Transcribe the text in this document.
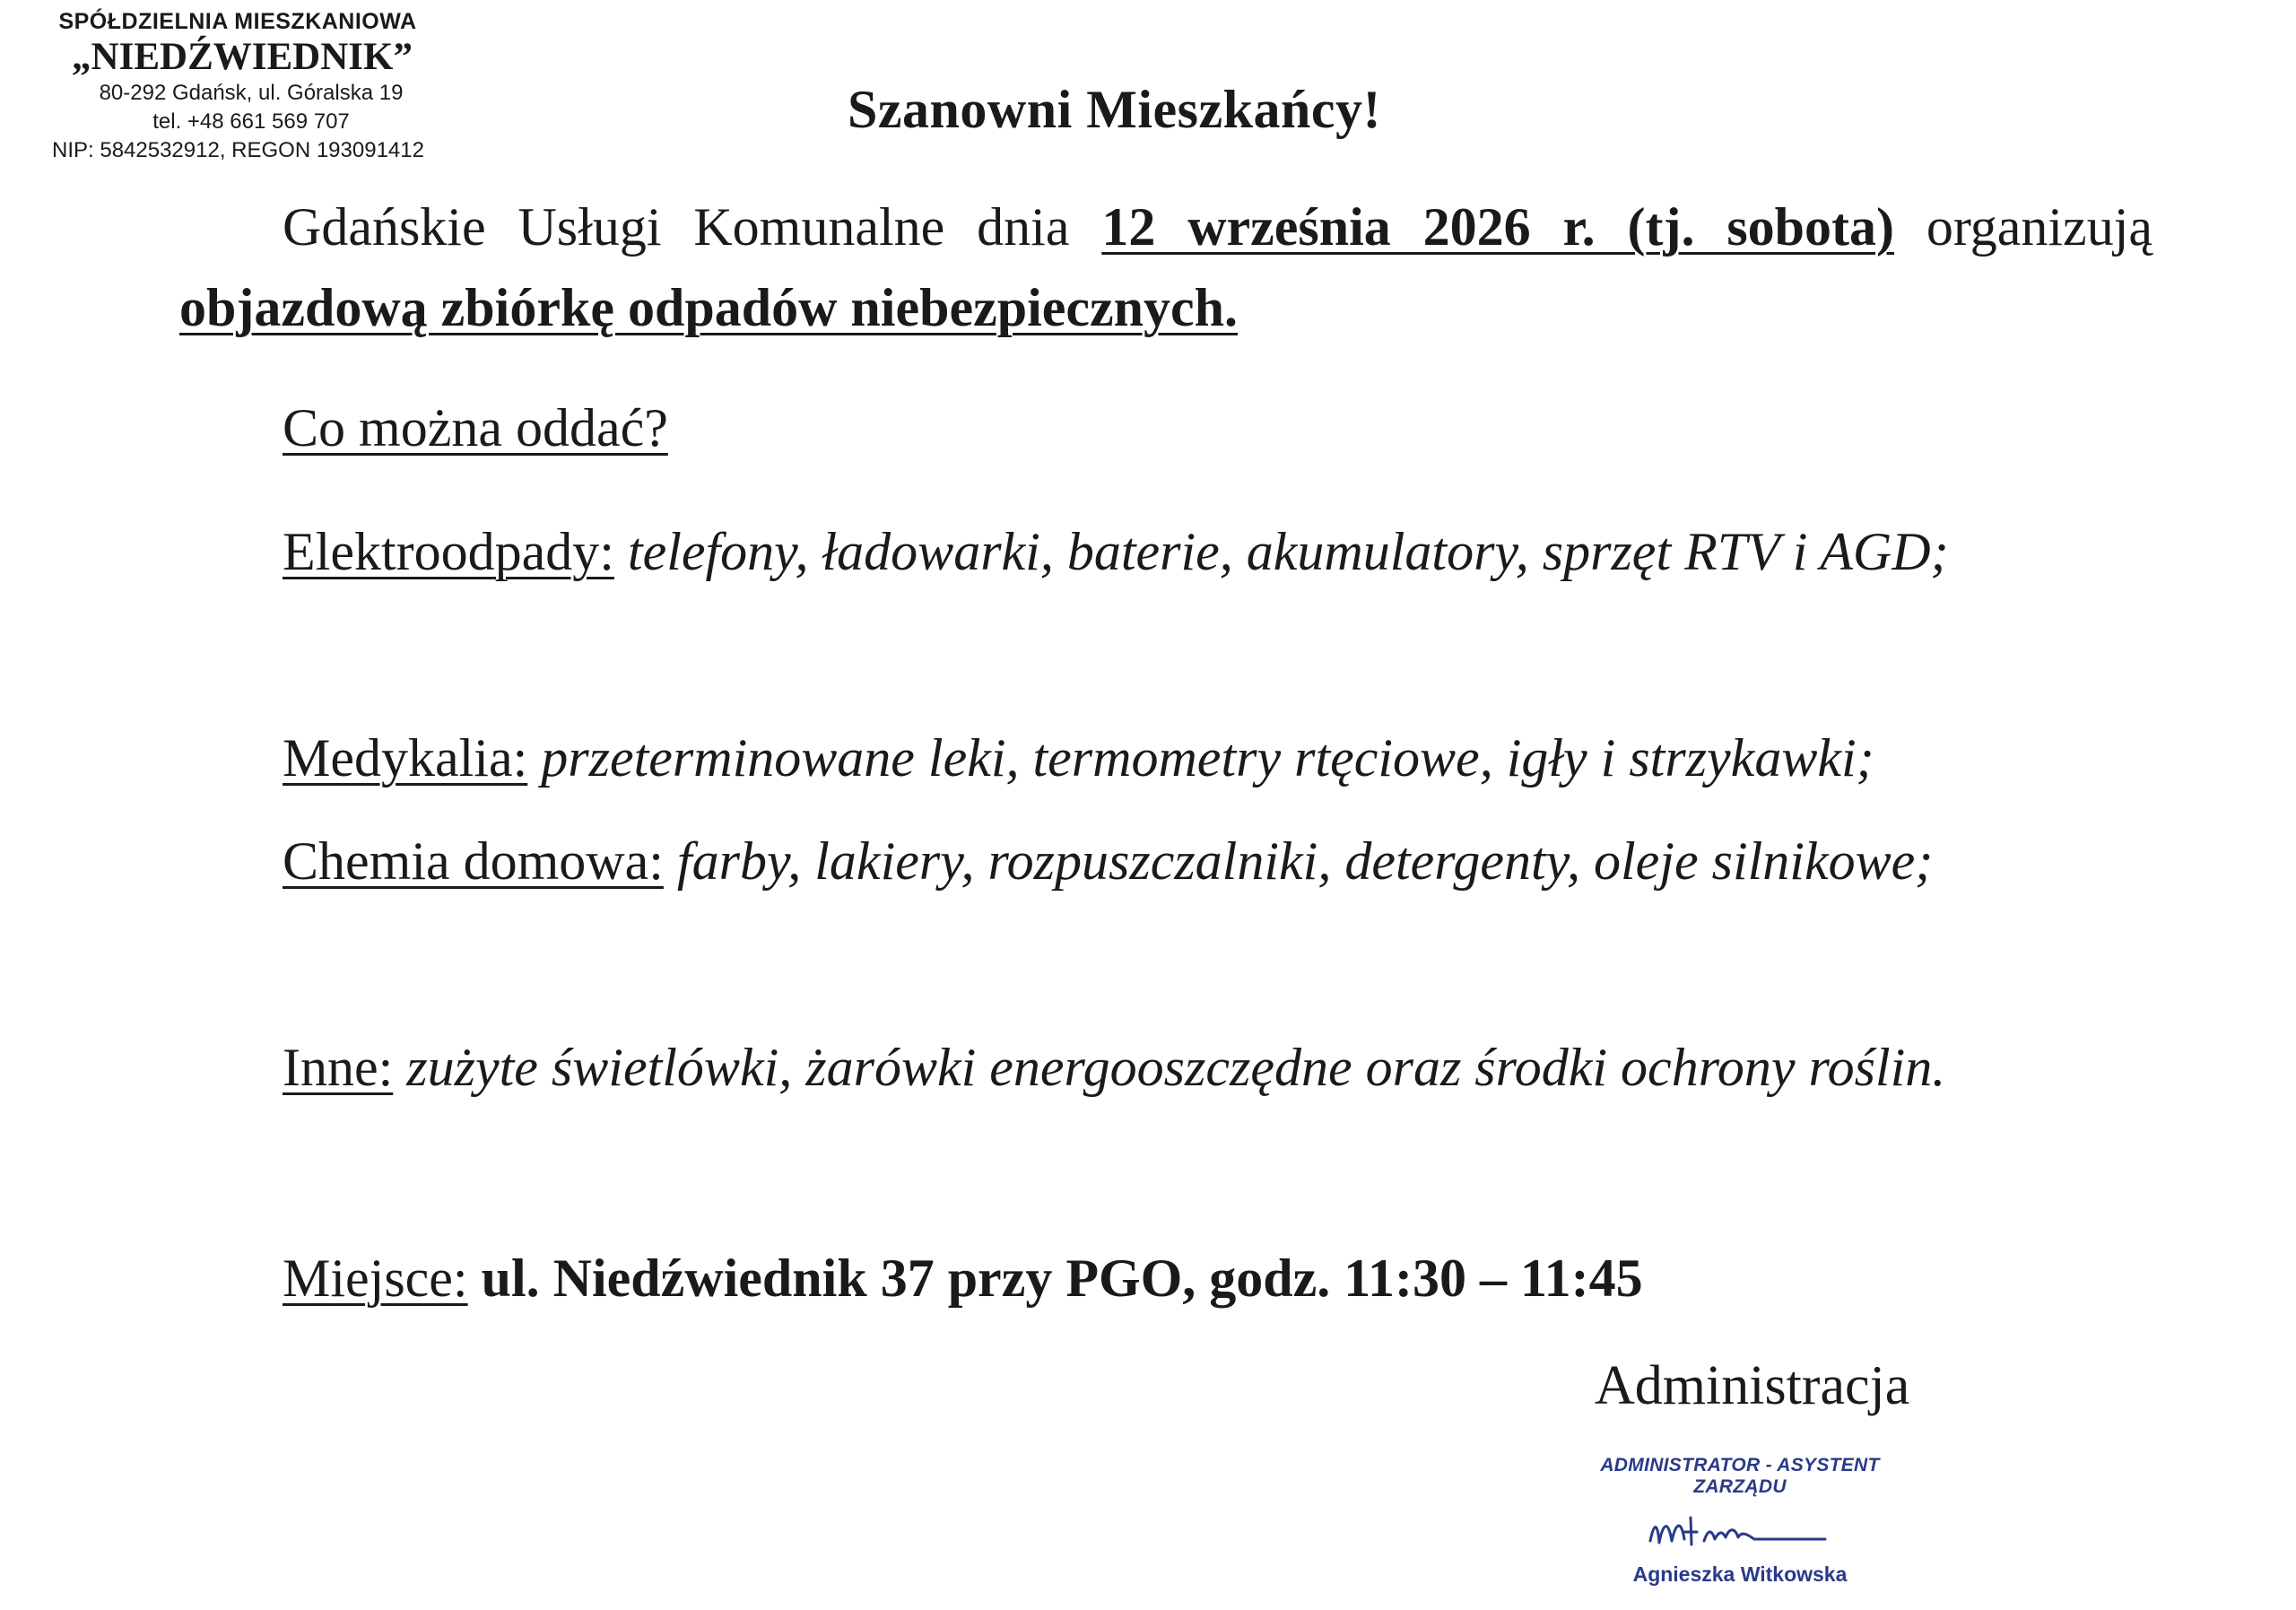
SPÓŁDZIELNIA MIESZKANIOWA
„NIEDŹWIEDNIK”
80-292 Gdańsk, ul. Góralska 19
tel. +48 661 569 707
NIP: 5842532912, REGON 193091412
Szanowni Mieszkańcy!
Gdańskie Usługi Komunalne dnia 12 września 2026 r. (tj. sobota) organizują objazdową zbiórkę odpadów niebezpiecznych.
Co można oddać?
Elektroodpady: telefony, ładowarki, baterie, akumulatory, sprzęt RTV i AGD;
Medykalia: przeterminowane leki, termometry rtęciowe, igły i strzykawki;
Chemia domowa: farby, lakiery, rozpuszczalniki, detergenty, oleje silnikowe;
Inne: zużyte świetlówki, żarówki energooszczędne oraz środki ochrony roślin.
Miejsce: ul. Niedźwiednik 37 przy PGO, godz. 11:30 – 11:45
Administracja
ADMINISTRATOR - ASYSTENT ZARZĄDU
Agnieszka Witkowska
